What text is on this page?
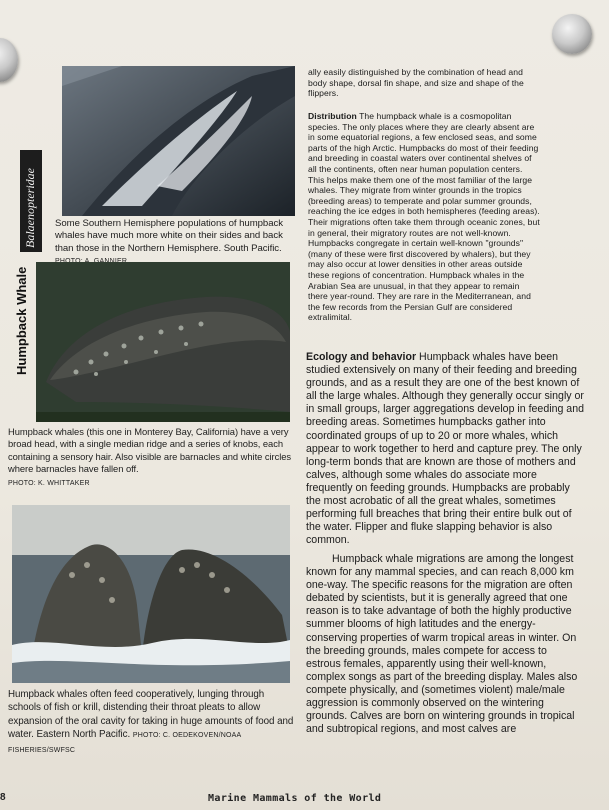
Balaenopteridae
Humpback Whale
Some Southern Hemisphere populations of humpback whales have much more white on their sides and back than those in the Northern Hemisphere. South Pacific.
Humpback whales (this one in Monterey Bay, California) have a very broad head, with a single median ridge and a series of knobs, each containing a sensory hair. Also visible are barnacles and white circles where barnacles have fallen off.
PHOTO: K. WHITTAKER
Humpback whales often feed cooperatively, lunging through schools of fish or krill, distending their throat pleats to allow expansion of the oral cavity for taking in huge amounts of food and water. Eastern North Pacific. PHOTO: C. OEDEKOVEN/NOAA FISHERIES/SWFSC
ally easily distinguished by the combination of head and body shape, dorsal fin shape, and size and shape of the flippers.
Distribution The humpback whale is a cosmopolitan species. The only places where they are clearly absent are in some equatorial regions, a few enclosed seas, and some parts of the high Arctic. Humpbacks do most of their feeding and breeding in coastal waters over continental shelves of all the continents, often near human population centers. This helps make them one of the most familiar of the large whales. They migrate from winter grounds in the tropics (breeding areas) to temperate and polar summer grounds, reaching the ice edges in both hemispheres (feeding areas). Their migrations often take them through oceanic zones, but in general, their migratory routes are not well-known. Humpbacks congregate in certain well-known "grounds" (many of these were first discovered by whalers), but they may also occur at lower densities in other areas outside these regions of concentration. Humpback whales in the Arabian Sea are unusual, in that they appear to remain there year-round. They are rare in the Mediterranean, and the few records from the Persian Gulf are considered extralimital.
Ecology and behavior Humpback whales have been studied extensively on many of their feeding and breeding grounds, and as a result they are one of the best known of all the large whales. Although they generally occur singly or in small groups, larger aggregations develop in feeding and breeding areas. Sometimes humpbacks gather into coordinated groups of up to 20 or more whales, which appear to work together to herd and capture prey. The only long-term bonds that are known are those of mothers and calves, although some whales do associate more frequently on feeding grounds. Humpbacks are probably the most acrobatic of all the great whales, sometimes performing full breaches that bring their entire bulk out of the water. Flipper and fluke slapping behavior is also common.
Humpback whale migrations are among the longest known for any mammal species, and can reach 8,000 km one-way. The specific reasons for the migration are often debated by scientists, but it is generally agreed that one reason is to take advantage of both the highly productive summer blooms of high latitudes and the energy-conserving properties of warm tropical areas in winter. On the breeding grounds, males compete for access to estrous females, apparently using their well-known, complex songs as part of the breeding display. Males also compete physically, and (sometimes violent) male/male aggression is commonly observed on the wintering grounds. Calves are born on wintering grounds in tropical and subtropical regions, and most calves are
8	Marine Mammals of the World
